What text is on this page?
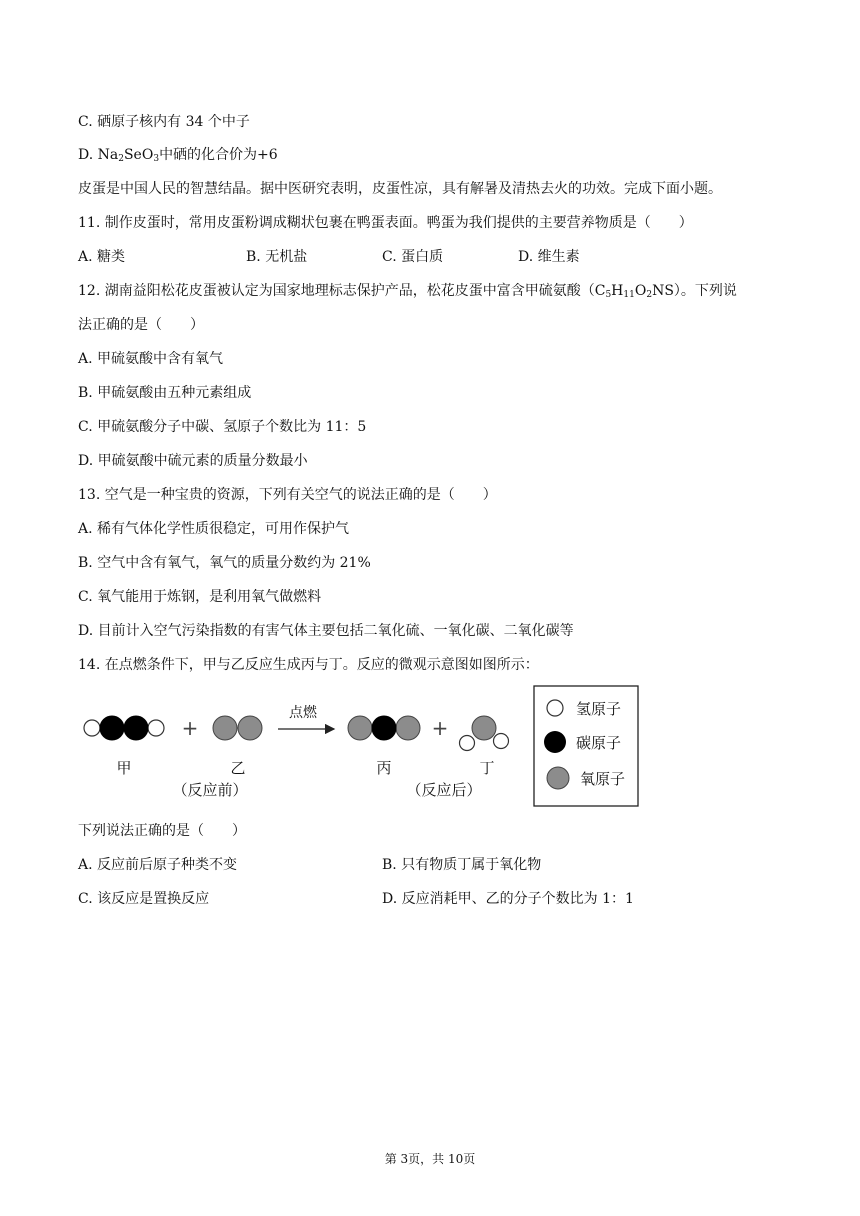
C. 硒原子核内有 34 个中子
D. $Na_2SeO_3$中硒的化合价为+6
皮蛋是中国人民的智慧结晶。据中医研究表明，皮蛋性凉，具有解暑及清热去火的功效。完成下面小题。
11. 制作皮蛋时，常用皮蛋粉调成糊状包裹在鸭蛋表面。鸭蛋为我们提供的主要营养物质是（　　）
A. 糖类	B. 无机盐	C. 蛋白质	D. 维生素
12. 湖南益阳松花皮蛋被认定为国家地理标志保护产品，松花皮蛋中富含甲硫氨酸$(C_5H_{11}O_2NS)$。下列说
法正确的是（　　）
A. 甲硫氨酸中含有氧气
B. 甲硫氨酸由五种元素组成
C. 甲硫氨酸分子中碳、氢原子个数比为 11：5
D. 甲硫氨酸中硫元素的质量分数最小
13. 空气是一种宝贵的资源，下列有关空气的说法正确的是（　　）
A. 稀有气体化学性质很稳定，可用作保护气
B. 空气中含有氧气，氧气的质量分数约为 21%
C. 氧气能用于炼钢，是利用氧气做燃料
D. 目前计入空气污染指数的有害气体主要包括二氧化硫、一氧化碳、二氧化碳等
14. 在点燃条件下，甲与乙反应生成丙与丁。反应的微观示意图如图所示：
+
点燃
+
甲	乙	丙	丁
（反应前）	（反应后）
氢原子
碳原子
氧原子
下列说法正确的是（　　）
A. 反应前后原子种类不变	B. 只有物质丁属于氧化物
C. 该反应是置换反应	D. 反应消耗甲、乙的分子个数比为 1：1
第 3页，共 10页
